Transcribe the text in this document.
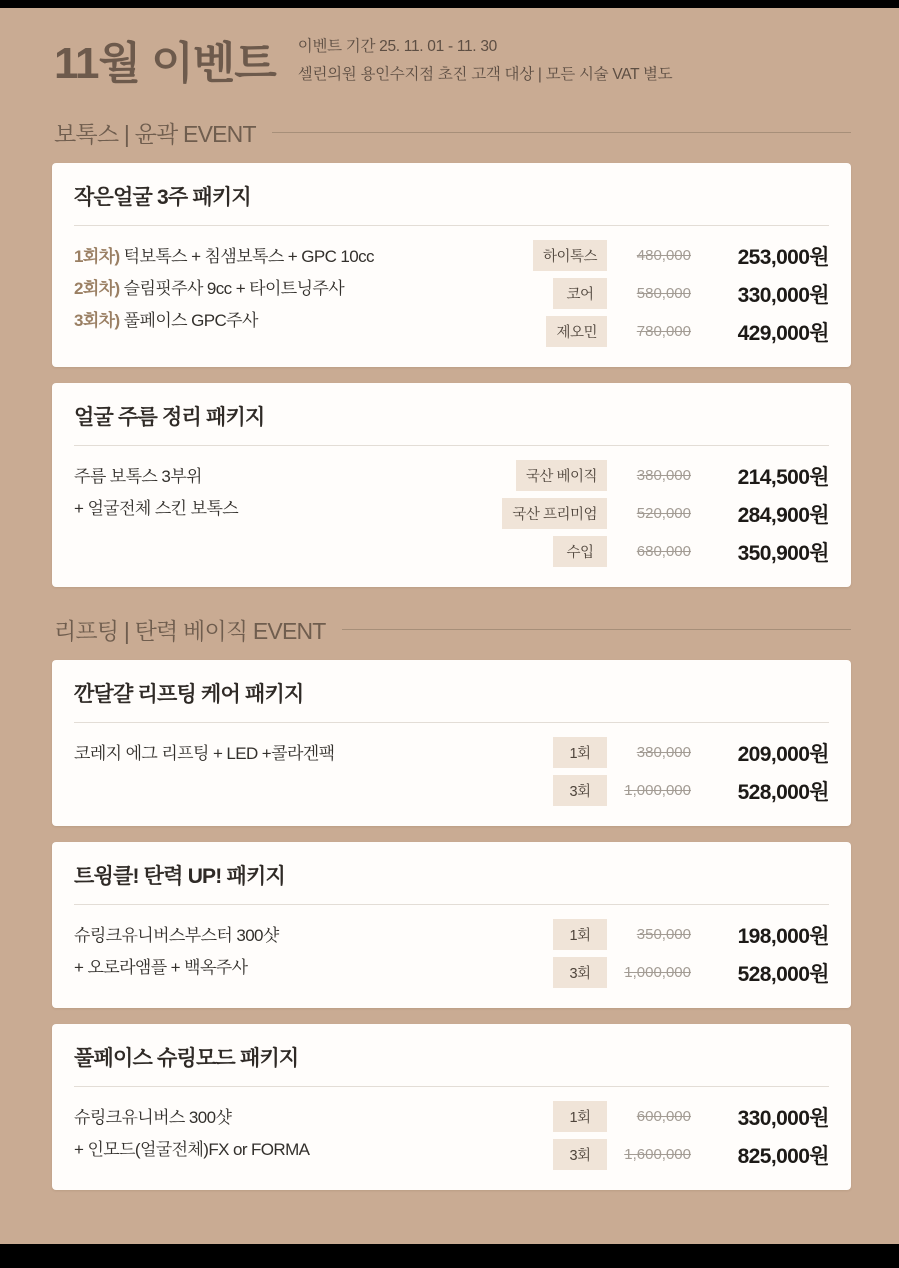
11월 이벤트 이벤트 기간 25. 11. 01 - 11. 30
셀린의원 용인수지점 초진 고객 대상 | 모든 시술 VAT 별도
보톡스 | 윤곽 EVENT
작은얼굴 3주 패키지
1회차) 턱보톡스 + 침샘보톡스 + GPC 10cc
2회차) 슬림핏주사 9cc + 타이트닝주사
3회차) 풀페이스 GPC주사
하이톡스	480,000	253,000원
코어	580,000	330,000원
제오민	780,000	429,000원
얼굴 주름 정리 패키지
주름 보톡스 3부위
+ 얼굴전체 스킨 보톡스
국산 베이직	380,000	214,500원
국산 프리미엄	520,000	284,900원
수입	680,000	350,900원
리프팅 | 탄력 베이직 EVENT
깐달걀 리프팅 케어 패키지
코레지 에그 리프팅 + LED +콜라겐팩	1회	380,000	209,000원
3회	1,000,000	528,000원
트윙클! 탄력 UP! 패키지
슈링크유니버스부스터 300샷
+ 오로라앰플 + 백옥주사
1회	350,000	198,000원
3회	1,000,000	528,000원
풀페이스 슈링모드 패키지
슈링크유니버스 300샷
+ 인모드(얼굴전체)FX or FORMA
1회	600,000	330,000원
3회	1,600,000	825,000원
